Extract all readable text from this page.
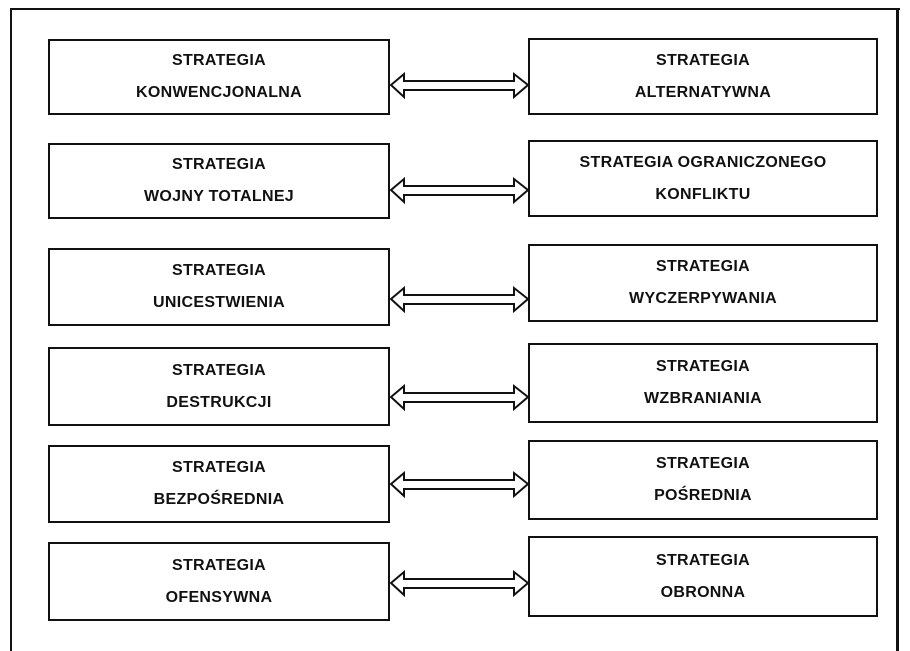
STRATEGIA
KONWENCJONALNA
STRATEGIA
ALTERNATYWNA
STRATEGIA
WOJNY TOTALNEJ
STRATEGIA OGRANICZONEGO
KONFLIKTU
STRATEGIA
UNICESTWIENIA
STRATEGIA
WYCZERPYWANIA
STRATEGIA
DESTRUKCJI
STRATEGIA
WZBRANIANIA
STRATEGIA
BEZPOŚREDNIA
STRATEGIA
POŚREDNIA
STRATEGIA
OFENSYWNA
STRATEGIA
OBRONNA
